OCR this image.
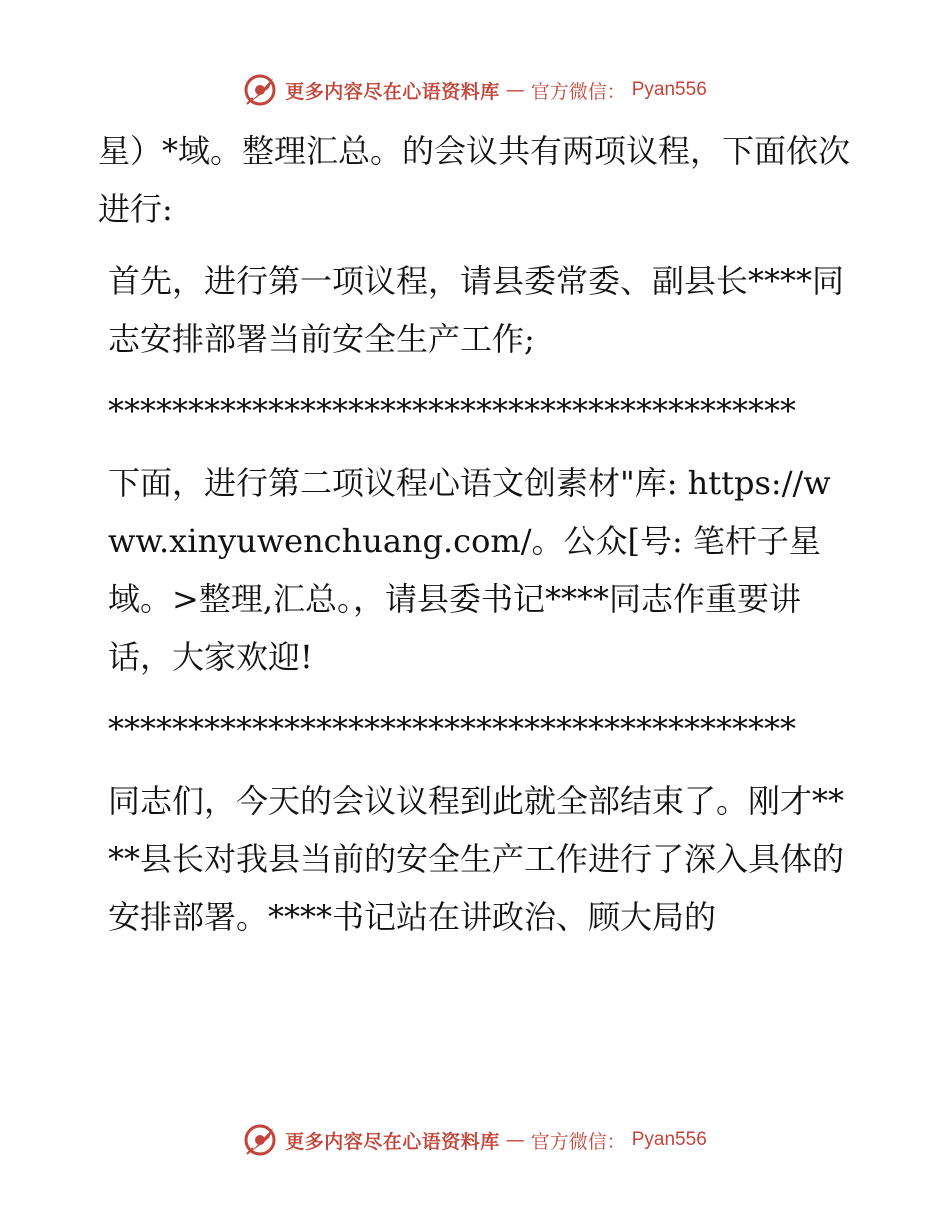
更多内容尽在心语资料库 — 官方微信： Pyan556

星）*域。整理汇总。的会议共有两项议程，下面依次进行:

首先，进行第一项议程，请县委常委、副县长****同志安排部署当前安全生产工作;

*******************************************

下面，进行第二项议程心语文创素材"库: https://www.xinyuwenchuang.com/。公众[号: 笔杆子星域。>整理,汇总。，请县委书记****同志作重要讲话，大家欢迎!

*******************************************

同志们，今天的会议议程到此就全部结束了。刚才****县长对我县当前的安全生产工作进行了深入具体的安排部署。****书记站在讲政治、顾大局的

更多内容尽在心语资料库 — 官方微信： Pyan556
